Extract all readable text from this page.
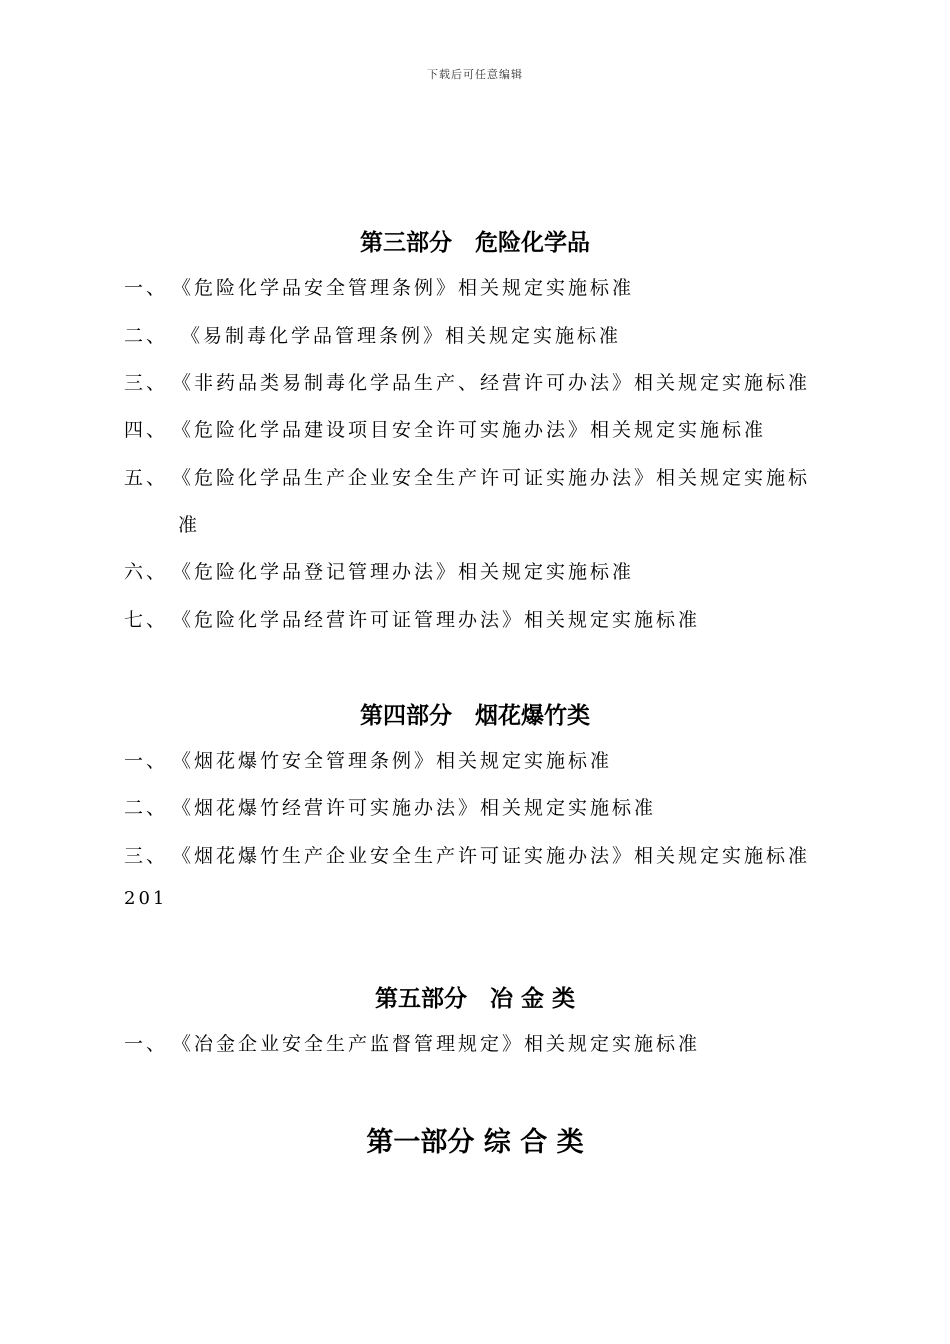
下载后可任意编辑
第三部分　危险化学品
一、 《危险化学品安全管理条例》相关规定实施标准
二、 《易制毒化学品管理条例》相关规定实施标准
三、 《非药品类易制毒化学品生产、经营许可办法》相关规定实施标准
四、 《危险化学品建设项目安全许可实施办法》相关规定实施标准
五、 《危险化学品生产企业安全生产许可证实施办法》相关规定实施标
准
六、 《危险化学品登记管理办法》相关规定实施标准
七、 《危险化学品经营许可证管理办法》相关规定实施标准
第四部分　烟花爆竹类
一、 《烟花爆竹安全管理条例》相关规定实施标准
二、 《烟花爆竹经营许可实施办法》相关规定实施标准
三、 《烟花爆竹生产企业安全生产许可证实施办法》相关规定实施标准
201
第五部分　冶 金 类
一、 《冶金企业安全生产监督管理规定》相关规定实施标准
第一部分 综 合 类
